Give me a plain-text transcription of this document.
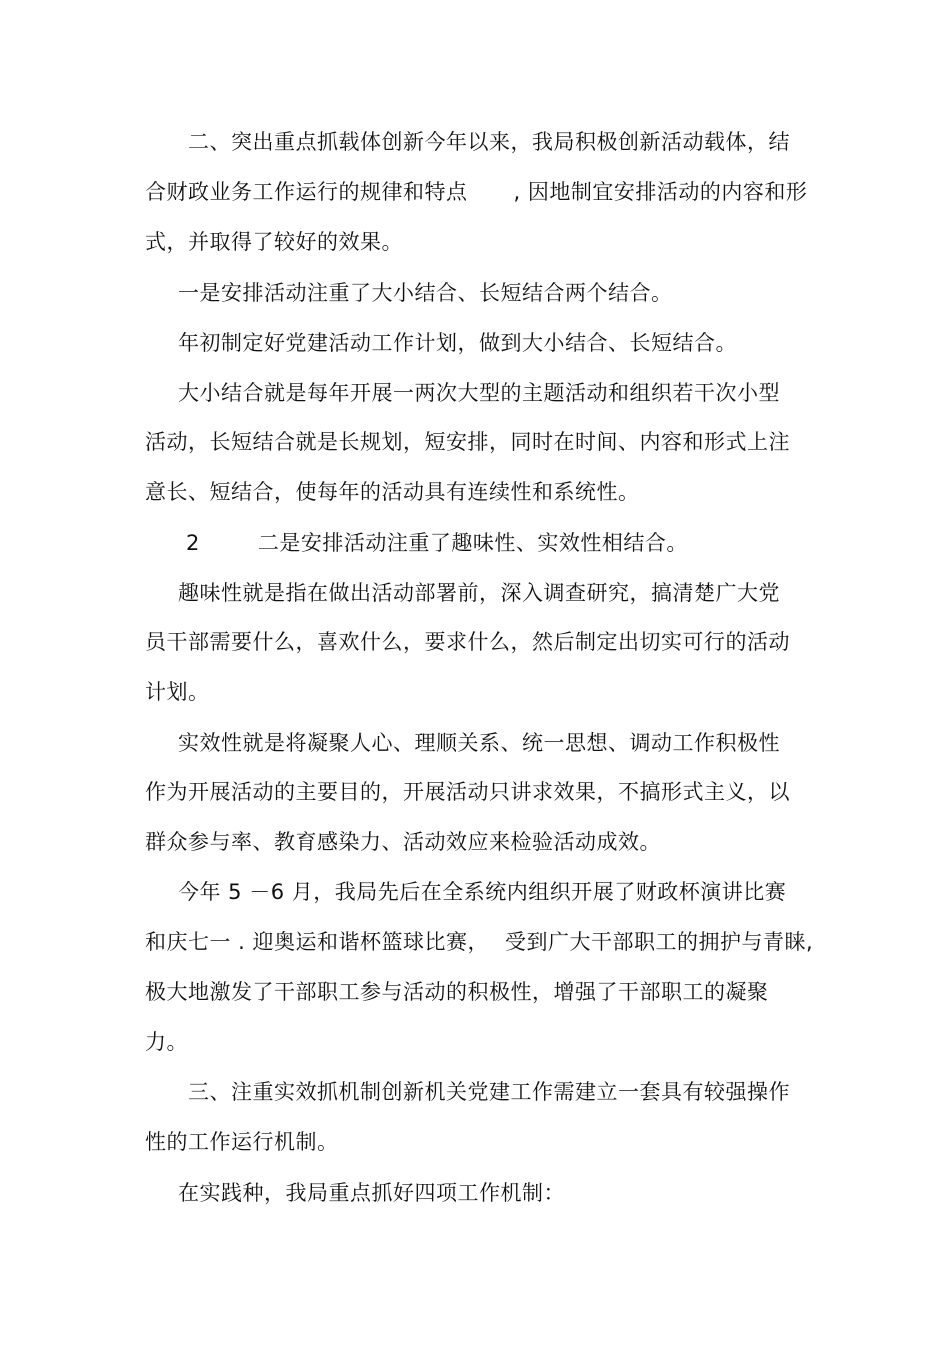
二、突出重点抓载体创新今年以来，我局积极创新活动载体，结
合财政业务工作运行的规律和特点 , 因地制宜安排活动的内容和形
式，并取得了较好的效果。
一是安排活动注重了大小结合、长短结合两个结合。
年初制定好党建活动工作计划，做到大小结合、长短结合。
大小结合就是每年开展一两次大型的主题活动和组织若干次小型
活动，长短结合就是长规划，短安排，同时在时间、内容和形式上注
意长、短结合，使每年的活动具有连续性和系统性。
2	二是安排活动注重了趣味性、实效性相结合。
趣味性就是指在做出活动部署前，深入调查研究，搞清楚广大党
员干部需要什么，喜欢什么，要求什么，然后制定出切实可行的活动
计划。
实效性就是将凝聚人心、理顺关系、统一思想、调动工作积极性
作为开展活动的主要目的，开展活动只讲求效果，不搞形式主义，以
群众参与率、教育感染力、活动效应来检验活动成效。
今年 5 －6 月，我局先后在全系统内组织开展了财政杯演讲比赛
和庆七一 . 迎奥运和谐杯篮球比赛， 受到广大干部职工的拥护与青睐,
极大地激发了干部职工参与活动的积极性，增强了干部职工的凝聚
力。
三、注重实效抓机制创新机关党建工作需建立一套具有较强操作
性的工作运行机制。
在实践种，我局重点抓好四项工作机制：
